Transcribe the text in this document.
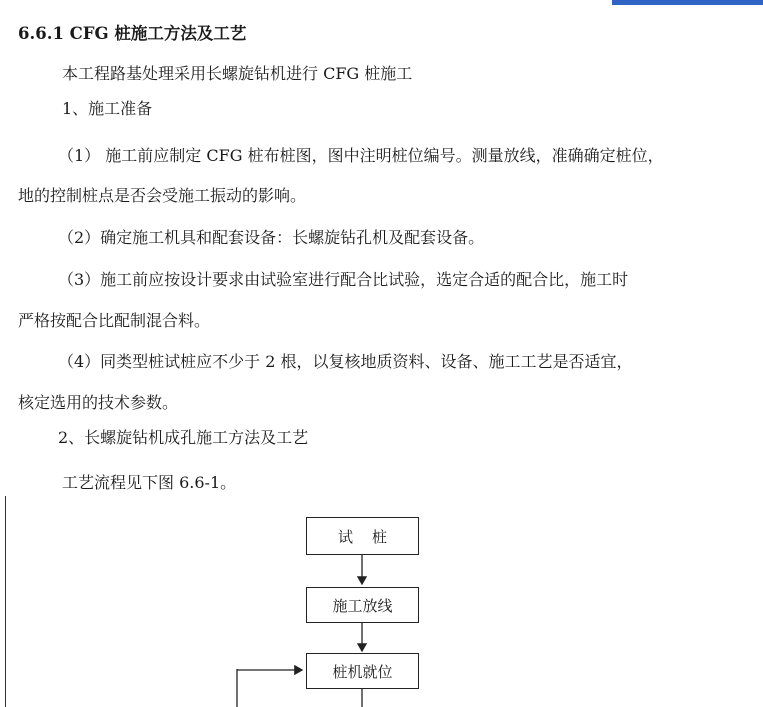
6.6.1 CFG 桩施工方法及工艺
本工程路基处理采用长螺旋钻机进行 CFG 桩施工
1、施工准备
（1） 施工前应制定 CFG 桩布桩图，图中注明桩位编号。测量放线，准确确定桩位，
地的控制桩点是否会受施工振动的影响。
（2）确定施工机具和配套设备：长螺旋钻孔机及配套设备。
（3）施工前应按设计要求由试验室进行配合比试验，选定合适的配合比，施工时
严格按配合比配制混合料。
（4）同类型桩试桩应不少于 2 根，以复核地质资料、设备、施工工艺是否适宜，
核定选用的技术参数。
2、长螺旋钻机成孔施工方法及工艺
工艺流程见下图 6.6-1。
试    桩
施工放线
桩机就位
